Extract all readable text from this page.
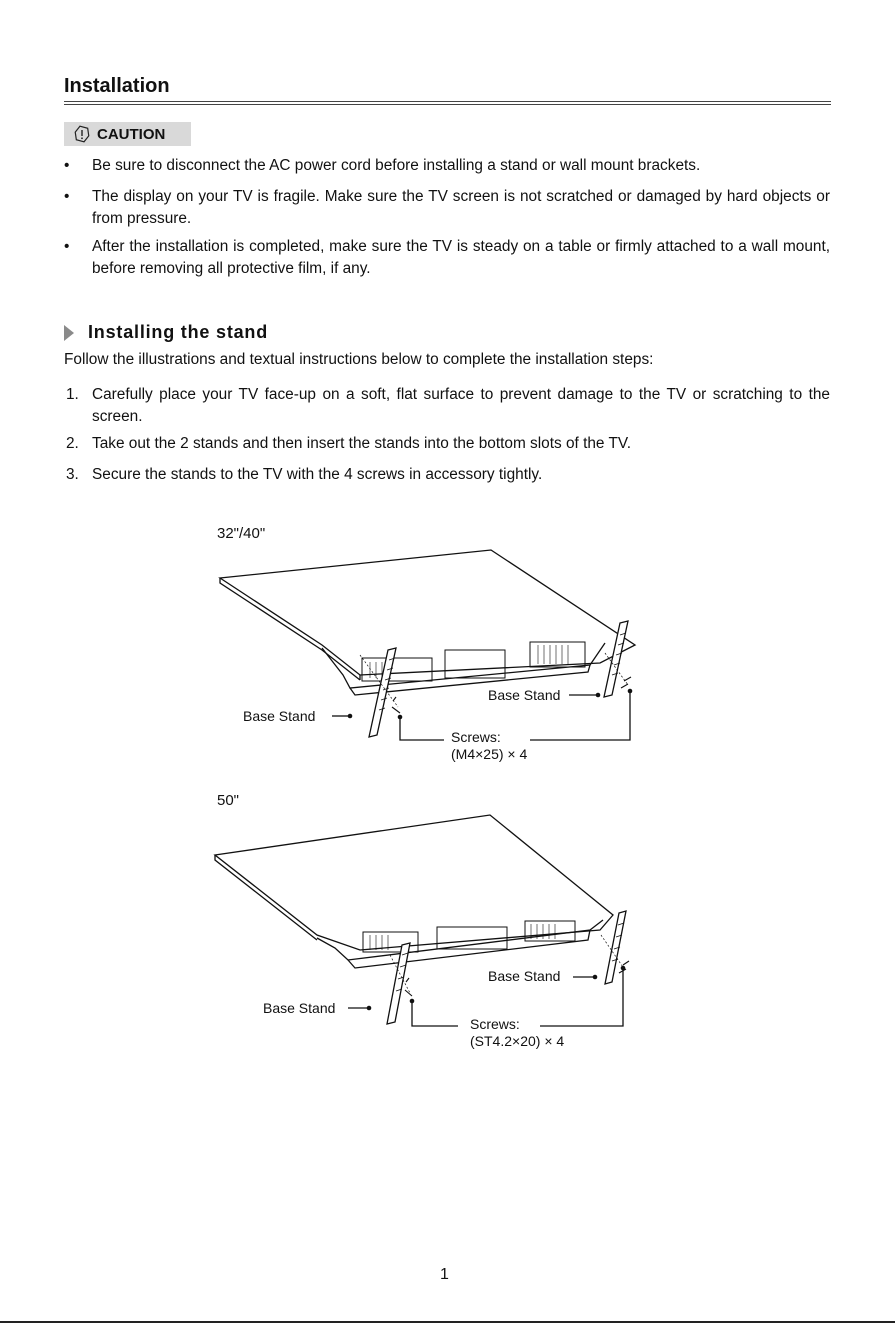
Installation
CAUTION
•	Be sure to disconnect the AC power cord before installing a stand or wall mount brackets.
•	The display on your TV is fragile. Make sure the TV screen is not scratched or damaged by hard objects or from pressure.
•	After the installation is completed, make sure the TV is steady on a table or firmly attached to a wall mount, before removing all protective film, if any.
Installing the stand
Follow the illustrations and textual instructions below to complete the installation steps:
1. Carefully place your TV face-up on a soft, flat surface to prevent damage to the TV or scratching to the screen.
2. Take out the 2 stands and then insert the stands into the bottom slots of the TV.
3. Secure the stands to the TV with the 4 screws in accessory tightly.
32"/40"
Base Stand
Base Stand
Screws:
(M4×25) × 4
50"
Base Stand
Base Stand
Screws:
(ST4.2×20) × 4
1
